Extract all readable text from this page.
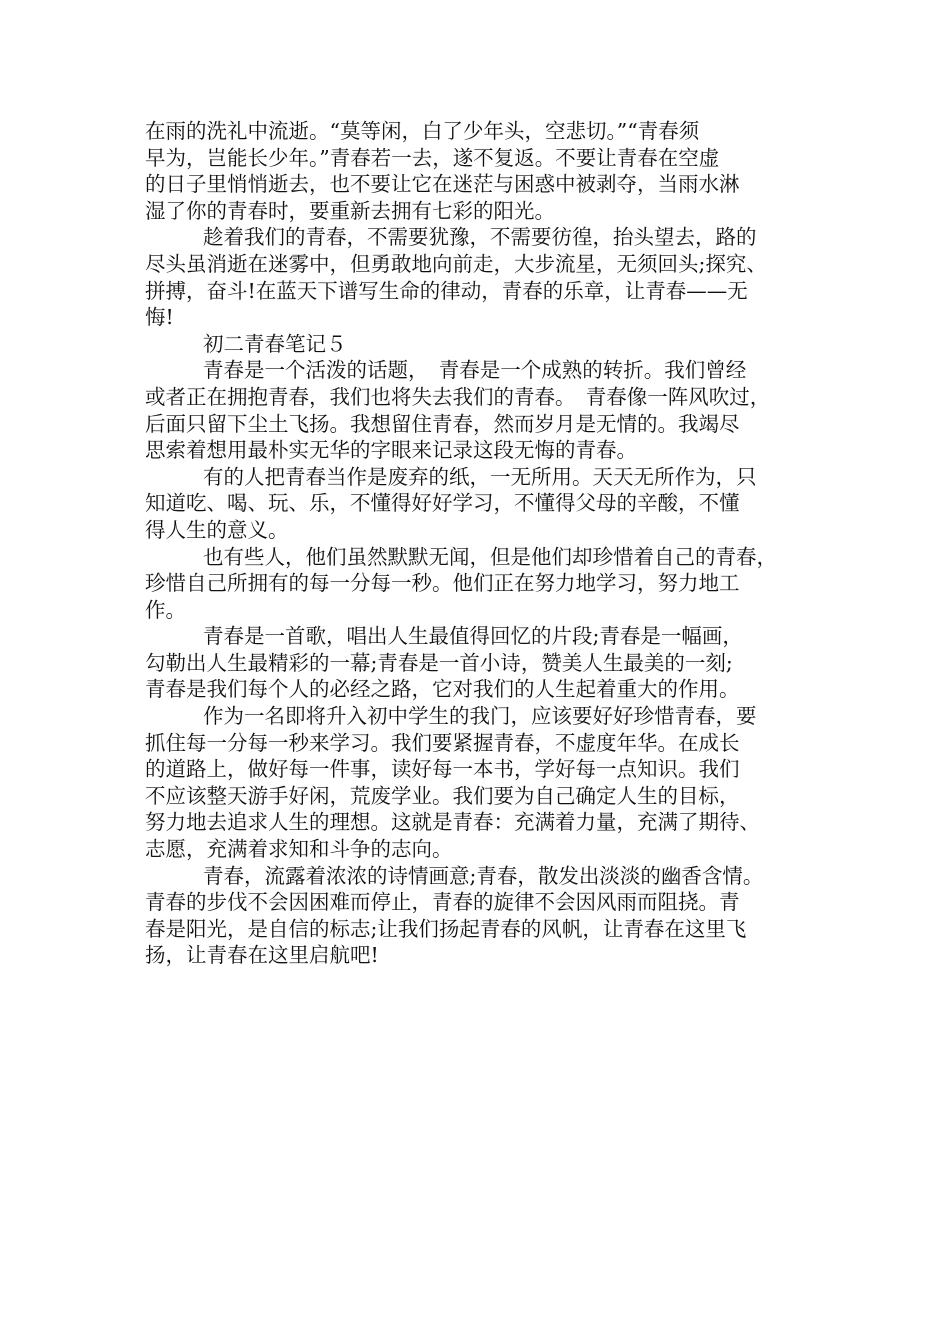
在雨的洗礼中流逝。“莫等闲，白了少年头，空悲切。”“青春须
早为，岂能长少年。”青春若一去，遂不复返。不要让青春在空虚
的日子里悄悄逝去，也不要让它在迷茫与困惑中被剥夺，当雨水淋
湿了你的青春时，要重新去拥有七彩的阳光。

趁着我们的青春，不需要犹豫，不需要彷徨，抬头望去，路的
尽头虽消逝在迷雾中，但勇敢地向前走，大步流星，无须回头;探究、
拼搏，奋斗!在蓝天下谱写生命的律动，青春的乐章，让青春——无
悔!

初二青春笔记５

青春是一个活泼的话题，　青春是一个成熟的转折。我们曾经
或者正在拥抱青春，我们也将失去我们的青春。　青春像一阵风吹过，
后面只留下尘土飞扬。我想留住青春，然而岁月是无情的。我竭尽
思索着想用最朴实无华的字眼来记录这段无悔的青春。

有的人把青春当作是废弃的纸，一无所用。天天无所作为，只
知道吃、喝、玩、乐，不懂得好好学习，不懂得父母的辛酸，不懂
得人生的意义。

也有些人，他们虽然默默无闻，但是他们却珍惜着自己的青春，
珍惜自己所拥有的每一分每一秒。他们正在努力地学习，努力地工
作。

青春是一首歌，唱出人生最值得回忆的片段;青春是一幅画，
勾勒出人生最精彩的一幕;青春是一首小诗，赞美人生最美的一刻;
青春是我们每个人的必经之路，它对我们的人生起着重大的作用。

作为一名即将升入初中学生的我门，应该要好好珍惜青春，要
抓住每一分每一秒来学习。我们要紧握青春，不虚度年华。在成长
的道路上，做好每一件事，读好每一本书，学好每一点知识。我们
不应该整天游手好闲，荒废学业。我们要为自己确定人生的目标，
努力地去追求人生的理想。这就是青春：充满着力量，充满了期待、
志愿，充满着求知和斗争的志向。

青春，流露着浓浓的诗情画意;青春，散发出淡淡的幽香含情。
青春的步伐不会因困难而停止，青春的旋律不会因风雨而阻挠。青
春是阳光，是自信的标志;让我们扬起青春的风帆，让青春在这里飞
扬，让青春在这里启航吧!
